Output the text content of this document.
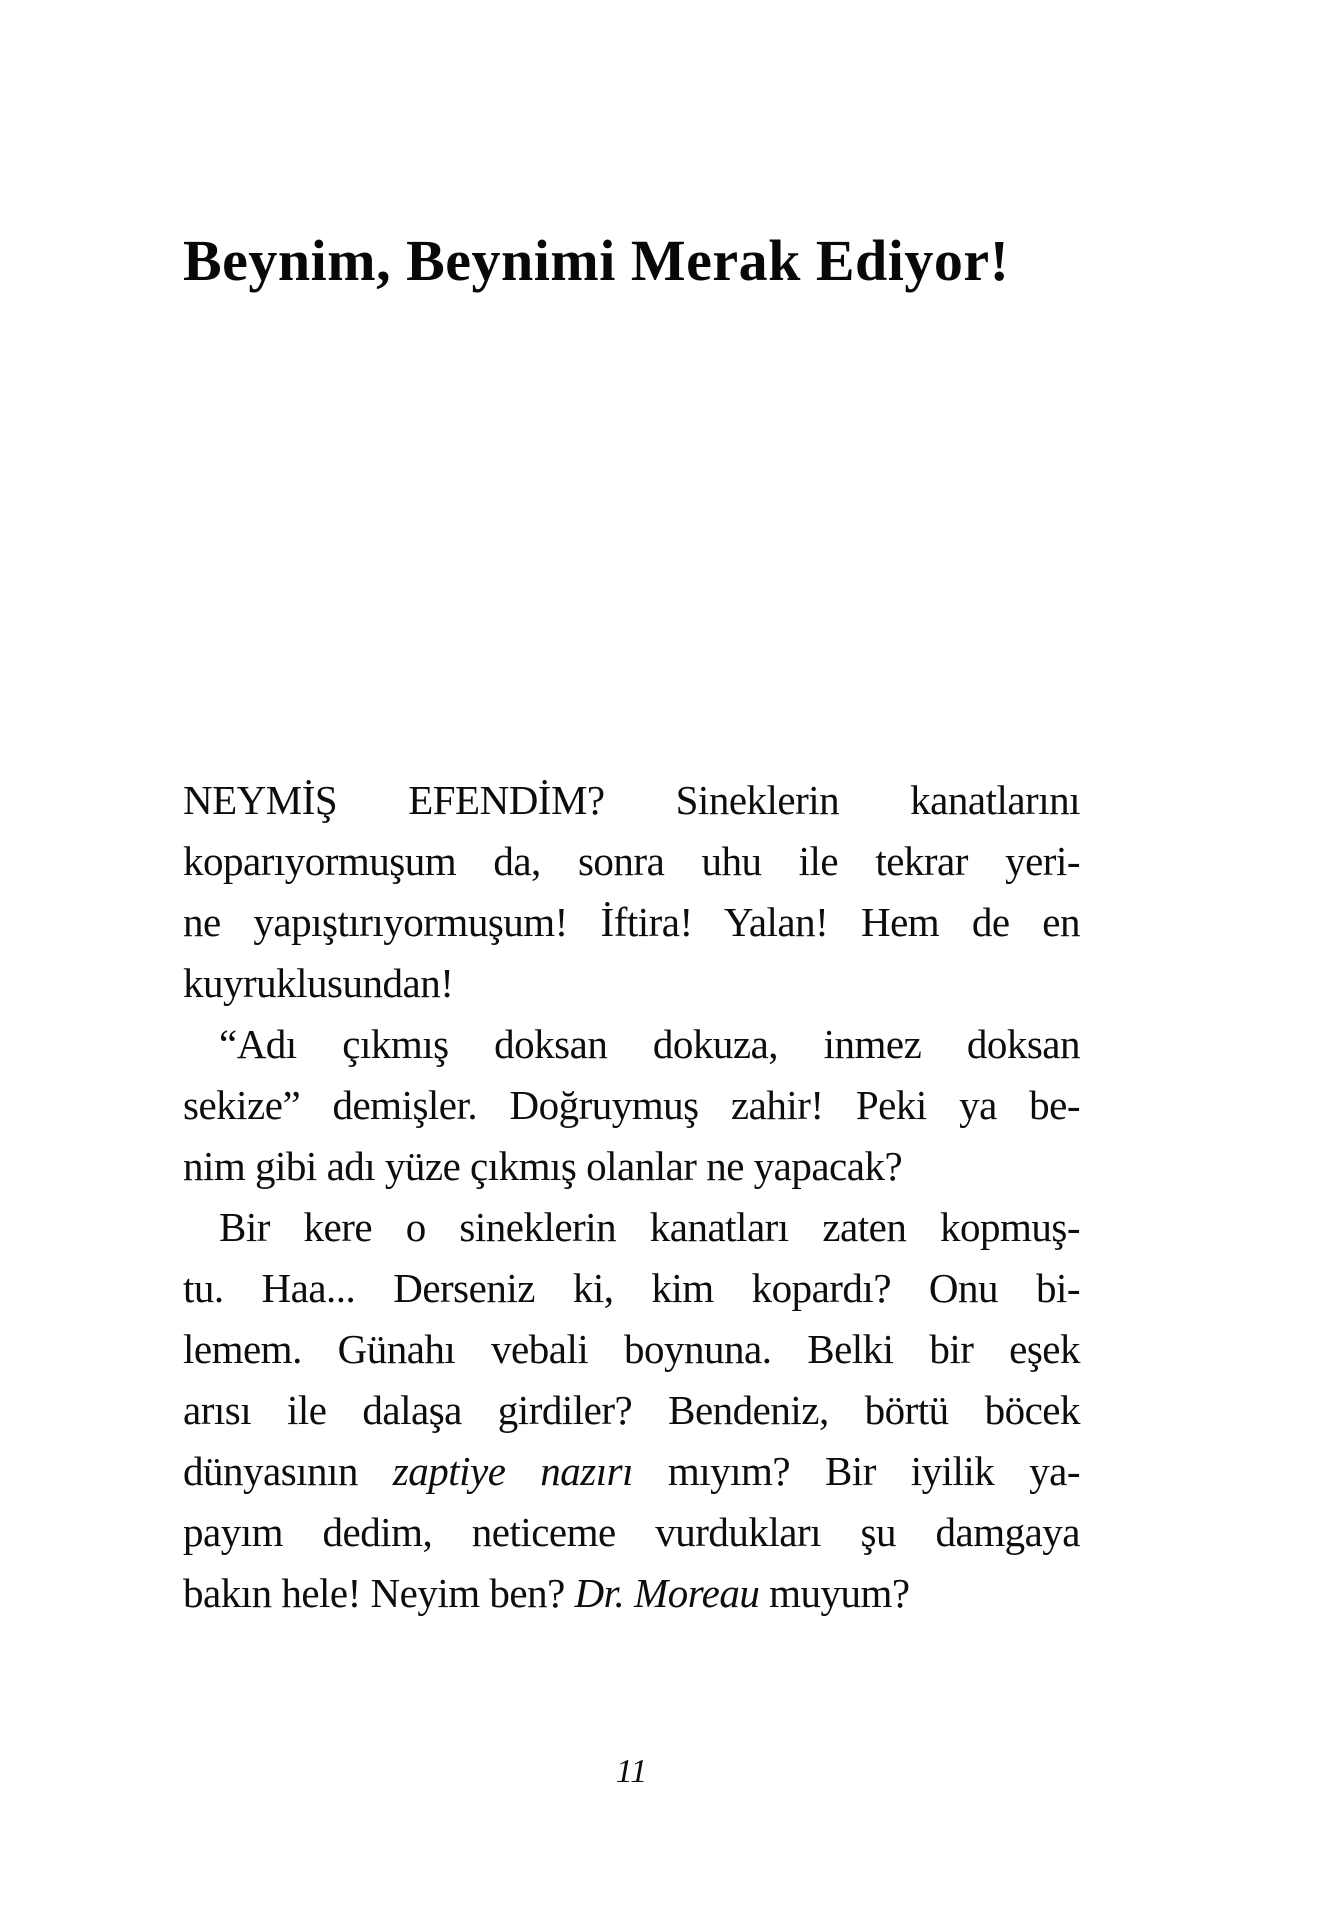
Beynim, Beynimi Merak Ediyor!
NEYMİŞ EFENDİM? Sineklerin kanatlarını
koparıyormuşum da, sonra uhu ile tekrar yeri-
ne yapıştırıyormuşum! İftira! Yalan! Hem de en
kuyruklusundan!
“Adı çıkmış doksan dokuza, inmez doksan
sekize” demişler. Doğruymuş zahir! Peki ya be-
nim gibi adı yüze çıkmış olanlar ne yapacak?
Bir kere o sineklerin kanatları zaten kopmuş-
tu. Haa... Derseniz ki, kim kopardı? Onu bi-
lemem. Günahı vebali boynuna. Belki bir eşek
arısı ile dalaşa girdiler? Bendeniz, börtü böcek
dünyasının zaptiye nazırı mıyım? Bir iyilik ya-
payım dedim, neticeme vurdukları şu damgaya
bakın hele! Neyim ben? Dr. Moreau muyum?
11
